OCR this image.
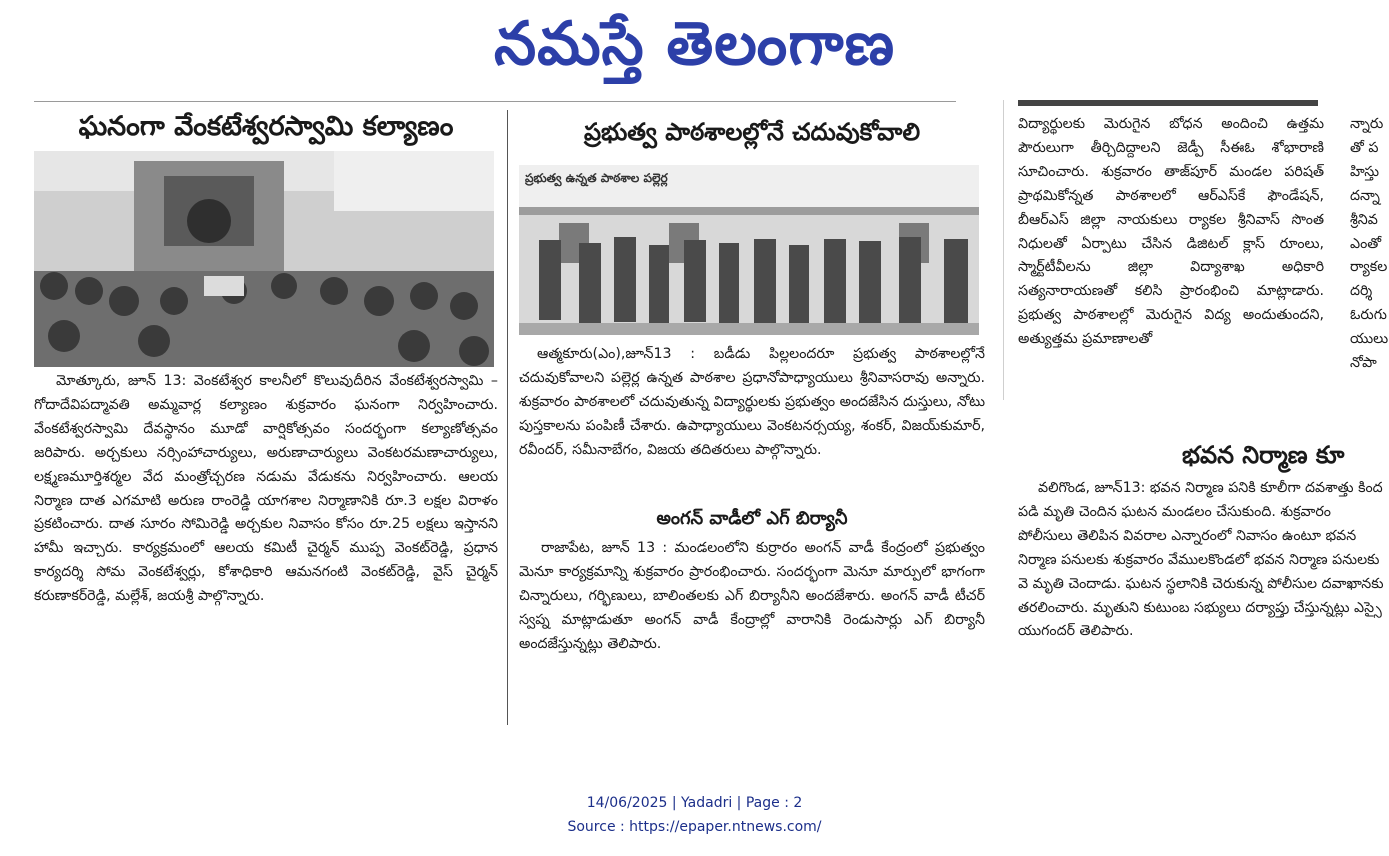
నమస్తే తెలంగాణ
ఘనంగా వేంకటేశ్వరస్వామి కల్యాణం
మోత్కూరు, జూన్ 13: వెంకటేశ్వర కాలనీలో కొలువుదీరిన వేంకటేశ్వరస్వామి –గోదాదేవిపద్మావతి అమ్మవార్ల కల్యాణం శుక్రవారం ఘనంగా నిర్వహించారు. వేంకటేశ్వరస్వామి దేవస్థానం మూడో వార్షికోత్సవం సందర్భంగా కల్యాణోత్సవం జరిపారు. అర్చకులు నర్సింహాచార్యులు, అరుణాచార్యులు వెంకటరమణాచార్యులు, లక్ష్మణమూర్తిశర్మల వేద మంత్రోచ్చరణ నడుమ వేడుకను నిర్వహించారు. ఆలయ నిర్మాణ దాత ఎగమాటి అరుణ రాంరెడ్డి యాగశాల నిర్మాణానికి రూ.3 లక్షల విరాళం ప్రకటించారు. దాత సూరం సోమిరెడ్డి అర్చకుల నివాసం కోసం రూ.25 లక్షలు ఇస్తానని హామీ ఇచ్చారు. కార్యక్రమంలో ఆలయ కమిటీ చైర్మన్ ముప్ప వెంకట్‌రెడ్డి, ప్రధాన కార్యదర్శి సోమ వెంకటేశ్వర్లు, కోశాధికారి ఆమనగంటి వెంకట్‌రెడ్డి, వైస్ చైర్మన్ కరుణాకర్‌రెడ్డి, మల్లేశ్, జయశ్రీ పాల్గొన్నారు.
ప్రభుత్వ పాఠశాలల్లోనే చదువుకోవాలి
ప్రభుత్వ ఉన్నత పాఠశాల పల్లెర్ల
ఆత్మకూరు(ఎం),జూన్13 : బడీడు పిల్లలందరూ ప్రభుత్వ పాఠశాలల్లోనే చదువుకోవాలని పల్లెర్ల ఉన్నత పాఠశాల ప్రధానోపాధ్యాయులు శ్రీనివాసరావు అన్నారు. శుక్రవారం పాఠశాలలో చదువుతున్న విద్యార్థులకు ప్రభుత్వం అందజేసిన దుస్తులు, నోటు పుస్తకాలను పంపిణీ చేశారు. ఉపాధ్యాయులు వెంకటనర్సయ్య, శంకర్, విజయ్‌కుమార్, రవీందర్, సమీనాబేగం, విజయ తదితరులు పాల్గొన్నారు.
అంగన్ వాడీలో ఎగ్ బిర్యానీ
రాజాపేట, జూన్ 13 : మండలంలోని కుర్రారం అంగన్ వాడీ కేంద్రంలో ప్రభుత్వం మెనూ కార్యక్రమాన్ని శుక్రవారం ప్రారంభించారు. సందర్భంగా మెనూ మార్పులో భాగంగా చిన్నారులు, గర్భిణులు, బాలింతలకు ఎగ్ బిర్యానీని అందజేశారు. అంగన్ వాడీ టీచర్ స్వప్న మాట్లాడుతూ అంగన్ వాడీ కేంద్రాల్లో వారానికి రెండుసార్లు ఎగ్ బిర్యానీ అందజేస్తున్నట్లు తెలిపారు.
విద్యార్థులకు మెరుగైన బోధన అందించి ఉత్తమ పౌరులుగా తీర్చిదిద్దాలని జెడ్పీ సీఈఓ శోభారాణి సూచించారు. శుక్రవారం తాజ్‌పూర్ మండల పరిషత్ ప్రాథమికోన్నత పాఠశాలలో ఆర్ఎస్‌కే ఫౌండేషన్, బీఆర్ఎస్ జిల్లా నాయకులు ర్యాకల శ్రీనివాస్ సొంత నిధులతో ఏర్పాటు చేసిన డిజిటల్ క్లాస్ రూంలు, స్మార్ట్‌టీవీలను జిల్లా విద్యాశాఖ అధికారి సత్యనారాయణతో కలిసి ప్రారంభించి మాట్లాడారు. ప్రభుత్వ పాఠశాలల్లో మెరుగైన విద్య అందుతుందని, అత్యుత్తమ ప్రమాణాలతో
న్నారు
తో ప
హిస్తు
దన్నా
శ్రీనివ
ఎంతో
ర్యాకల
దర్శి
ఓరుగు
యులు
నోపా
భవన నిర్మాణ కూ
వలిగొండ, జూన్13: భవన నిర్మాణ పనికి కూలీగా దవశాత్తు కింద పడి మృతి చెందిన ఘటన మండలం చేసుకుంది. శుక్రవారం పోలీసులు తెలిపిన వివరాల ఎన్నారంలో నివాసం ఉంటూ భవన నిర్మాణ పనులకు శుక్రవారం వేములకొండలో భవన నిర్మాణ పనులకు వె మృతి చెందాడు. ఘటన స్థలానికి చెరుకున్న పోలీసుల దవాఖానకు తరలించారు. మృతుని కుటుంబ సభ్యులు దర్యాప్తు చేస్తున్నట్లు ఎస్సై యుగందర్ తెలిపారు.
14/06/2025 | Yadadri | Page : 2
Source : https://epaper.ntnews.com/
